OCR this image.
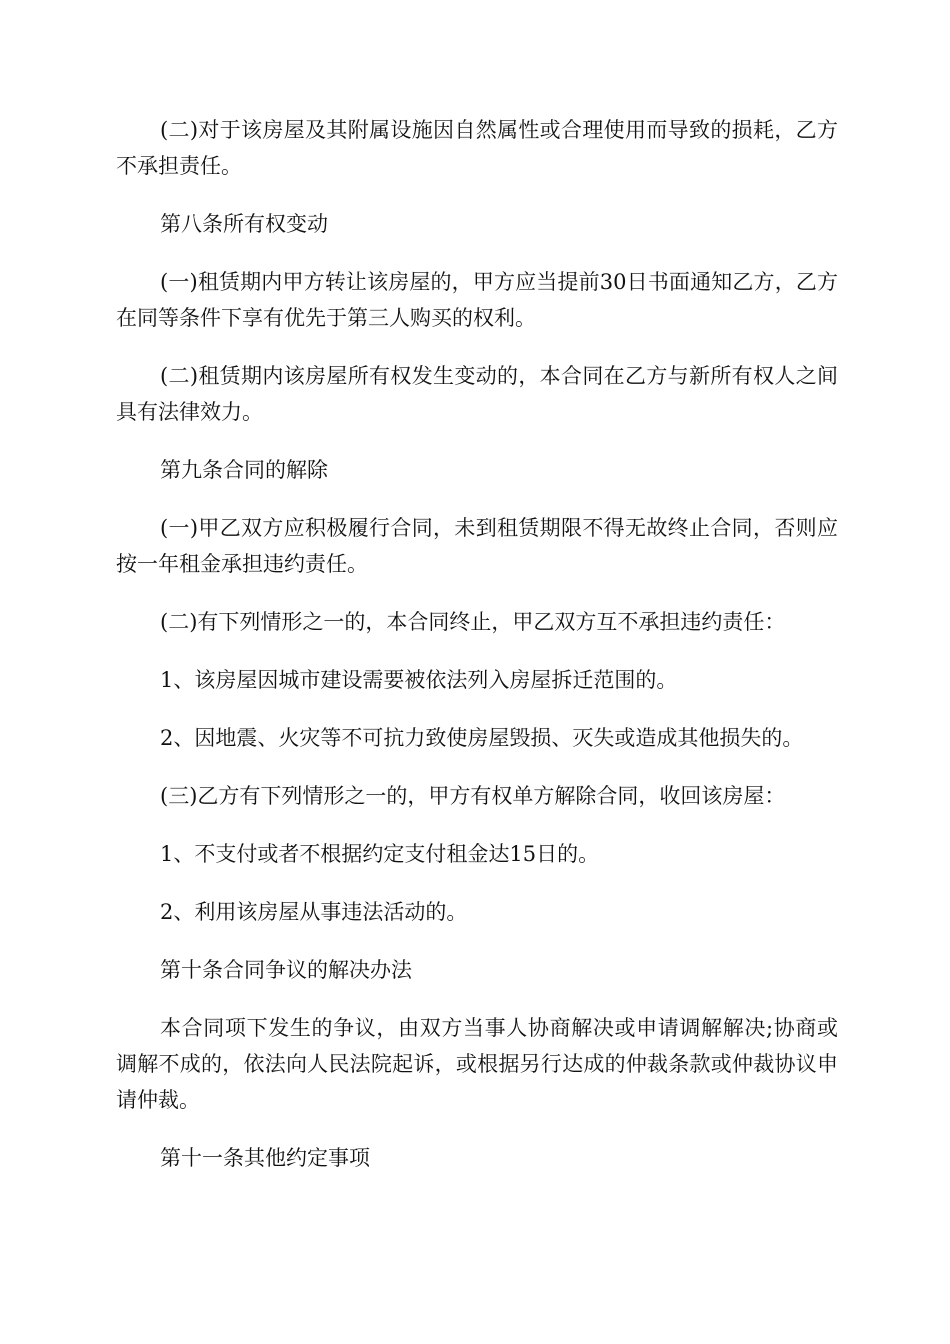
(二)对于该房屋及其附属设施因自然属性或合理使用而导致的损耗，乙方不承担责任。

第八条所有权变动

(一)租赁期内甲方转让该房屋的，甲方应当提前30日书面通知乙方，乙方在同等条件下享有优先于第三人购买的权利。

(二)租赁期内该房屋所有权发生变动的，本合同在乙方与新所有权人之间具有法律效力。

第九条合同的解除

(一)甲乙双方应积极履行合同，未到租赁期限不得无故终止合同，否则应按一年租金承担违约责任。

(二)有下列情形之一的，本合同终止，甲乙双方互不承担违约责任：

1、该房屋因城市建设需要被依法列入房屋拆迁范围的。

2、因地震、火灾等不可抗力致使房屋毁损、灭失或造成其他损失的。

(三)乙方有下列情形之一的，甲方有权单方解除合同，收回该房屋：

1、不支付或者不根据约定支付租金达15日的。

2、利用该房屋从事违法活动的。

第十条合同争议的解决办法

本合同项下发生的争议，由双方当事人协商解决或申请调解解决;协商或调解不成的，依法向人民法院起诉，或根据另行达成的仲裁条款或仲裁协议申请仲裁。

第十一条其他约定事项
